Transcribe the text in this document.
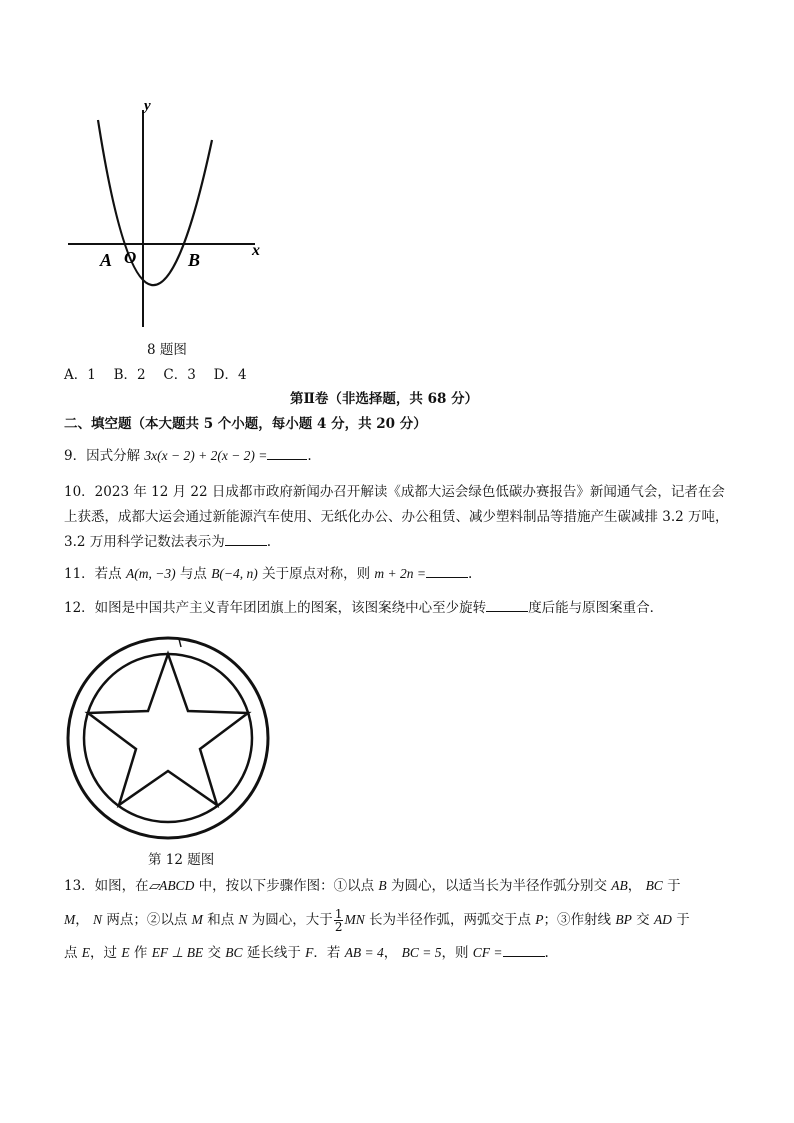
y
x
A O	B
8 题图
A．1　 B．2　 C．3　 D．4
第Ⅱ卷（非选择题，共 68 分）
二、填空题（本大题共 5 个小题，每小题 4 分，共 20 分）
9．因式分解 3x(x − 2) + 2(x − 2) =	.
10．2023 年 12 月 22 日成都市政府新闻办召开解读《成都大运会绿色低碳办赛报告》新闻通气会，记者在会
上获悉，成都大运会通过新能源汽车使用、无纸化办公、办公租赁、减少塑料制品等措施产生碳减排 3.2 万吨，
3.2 万用科学记数法表示为	.
11．若点 A(m, −3) 与点 B(−4, n) 关于原点对称，则 m + 2n =	.
12．如图是中国共产主义青年团团旗上的图案，该图案绕中心至少旋转	度后能与原图案重合．
第 12 题图
13．如图，在▱ABCD 中，按以下步骤作图：①以点 B 为圆心，以适当长为半径作弧分别交 AB， BC 于
M， N 两点；②以点 M 和点 N 为圆心，大于 $\frac{1}{2}$ MN 长为半径作弧，两弧交于点 P；③作射线 BP 交 AD 于
点 E，过 E 作 EF ⊥ BE 交 BC 延长线于 F．若 AB = 4， BC = 5，则 CF =	.
